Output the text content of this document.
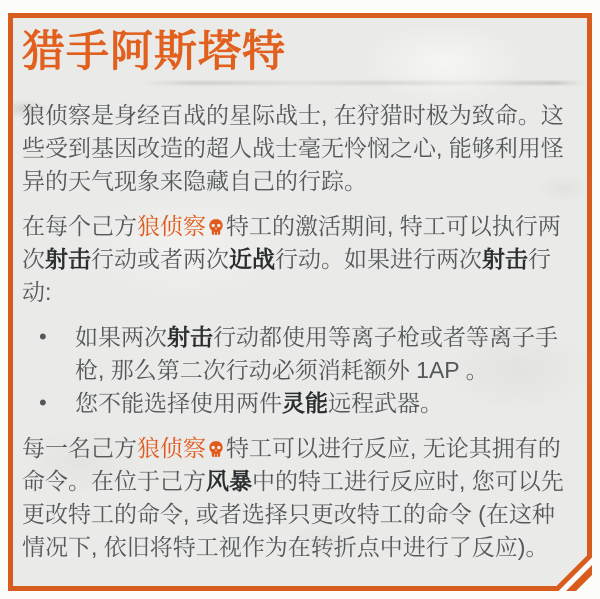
猎手阿斯塔特

狼侦察是身经百战的星际战士, 在狩猎时极为致命。这些受到基因改造的超人战士毫无怜悯之心, 能够利用怪异的天气现象来隐藏自己的行踪。

在每个己方狼侦察 特工的激活期间, 特工可以执行两次射击行动或者两次近战行动。如果进行两次射击行动:

• 如果两次射击行动都使用等离子枪或者等离子手枪, 那么第二次行动必须消耗额外 1AP 。
• 您不能选择使用两件灵能远程武器。

每一名己方狼侦察 特工可以进行反应, 无论其拥有的命令。在位于己方风暴中的特工进行反应时, 您可以先更改特工的命令, 或者选择只更改特工的命令 (在这种情况下, 依旧将特工视作为在转折点中进行了反应)。
